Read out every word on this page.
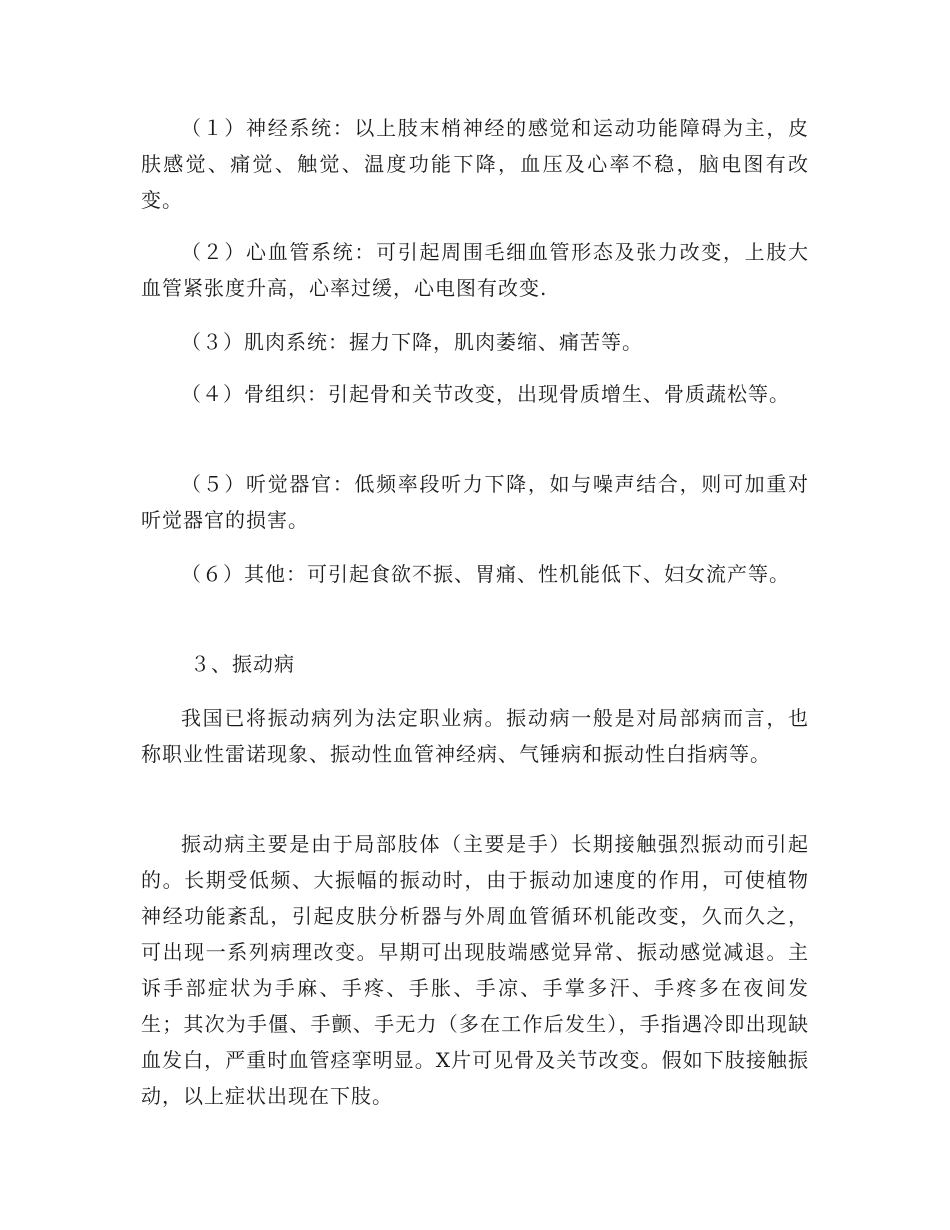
（１）神经系统：以上肢末梢神经的感觉和运动功能障碍为主，皮肤感觉、痛觉、触觉、温度功能下降，血压及心率不稳，脑电图有改变。

（２）心血管系统：可引起周围毛细血管形态及张力改变，上肢大血管紧张度升高，心率过缓，心电图有改变.

（３）肌肉系统：握力下降，肌肉萎缩、痛苦等。

（４）骨组织：引起骨和关节改变，出现骨质增生、骨质蔬松等。

（５）听觉器官：低频率段听力下降，如与噪声结合，则可加重对听觉器官的损害。

（６）其他：可引起食欲不振、胃痛、性机能低下、妇女流产等。

３、振动病

我国已将振动病列为法定职业病。振动病一般是对局部病而言，也称职业性雷诺现象、振动性血管神经病、气锤病和振动性白指病等。

振动病主要是由于局部肢体（主要是手）长期接触强烈振动而引起的。长期受低频、大振幅的振动时，由于振动加速度的作用，可使植物神经功能紊乱，引起皮肤分析器与外周血管循环机能改变，久而久之，可出现一系列病理改变。早期可出现肢端感觉异常、振动感觉减退。主诉手部症状为手麻、手疼、手胀、手凉、手掌多汗、手疼多在夜间发生；其次为手僵、手颤、手无力（多在工作后发生），手指遇冷即出现缺血发白，严重时血管痉挛明显。X片可见骨及关节改变。假如下肢接触振动，以上症状出现在下肢。
